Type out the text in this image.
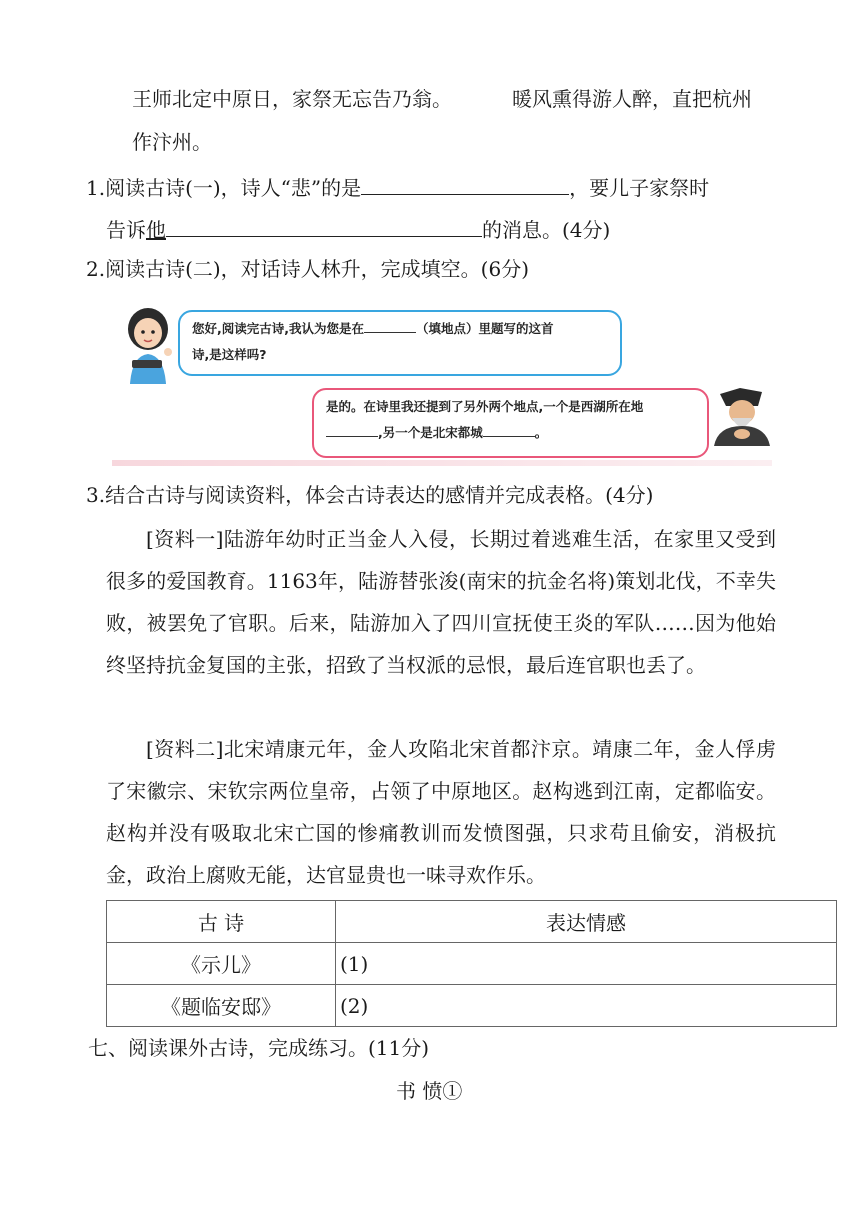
王师北定中原日，家祭无忘告乃翁。	暖风熏得游人醉，直把杭州
作汴州。
1.阅读古诗(一)，诗人“悲”的是	，要儿子家祭时
告诉他	的消息。(4分)
2.阅读古诗(二)，对话诗人林升，完成填空。(6分)
您好,阅读完古诗,我认为您是在	（填地点）里题写的这首
诗,是这样吗?
是的。在诗里我还提到了另外两个地点,一个是西湖所在地
,另一个是北宋都城	。
3.结合古诗与阅读资料，体会古诗表达的感情并完成表格。(4分)
[资料一]陆游年幼时正当金人入侵，长期过着逃难生活，在家里又受到很多的爱国教育。1163年，陆游替张浚(南宋的抗金名将)策划北伐，不幸失败，被罢免了官职。后来，陆游加入了四川宣抚使王炎的军队……因为他始终坚持抗金复国的主张，招致了当权派的忌恨，最后连官职也丢了。
[资料二]北宋靖康元年，金人攻陷北宋首都汴京。靖康二年，金人俘虏了宋徽宗、宋钦宗两位皇帝，占领了中原地区。赵构逃到江南，定都临安。赵构并没有吸取北宋亡国的惨痛教训而发愤图强，只求苟且偷安，消极抗金，政治上腐败无能，达官显贵也一味寻欢作乐。
古 诗	表达情感
《示儿》	(1)
《题临安邸》	(2)
七、阅读课外古诗，完成练习。(11分)
书 愤①
